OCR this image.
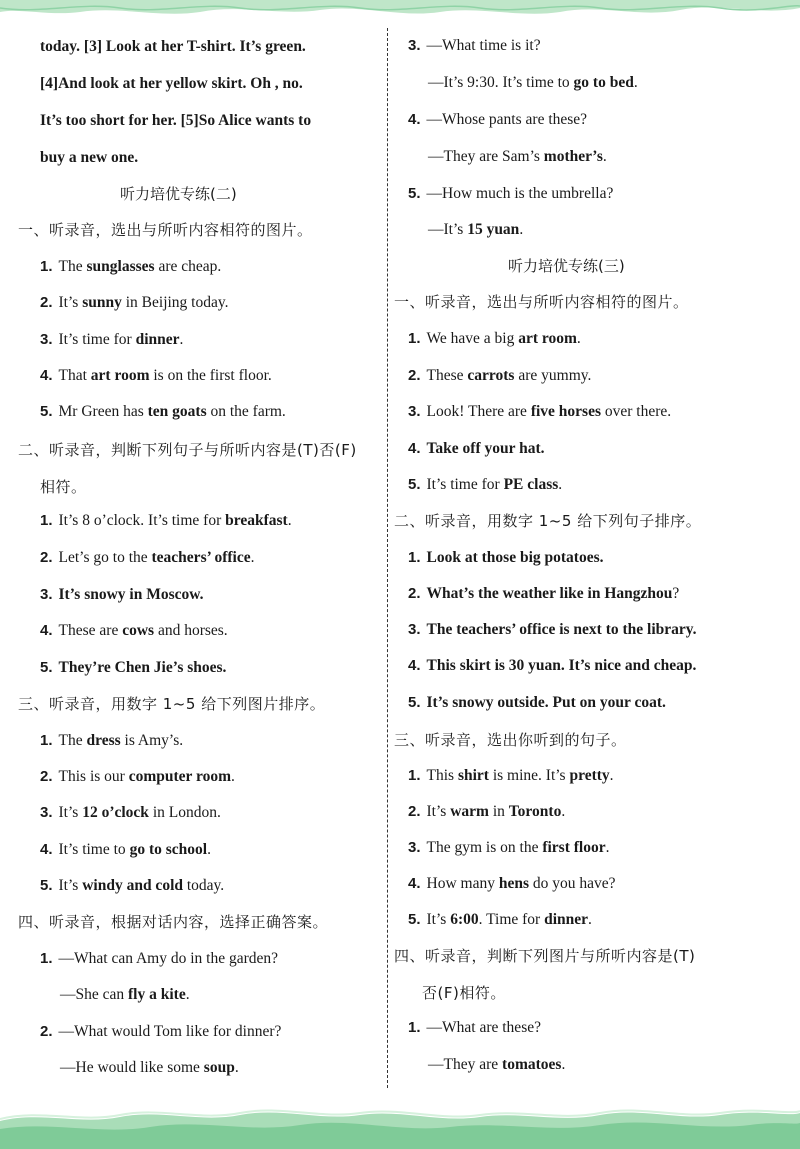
today. [3] Look at her T-shirt. It’s green.
[4]And look at her yellow skirt. Oh , no.
It’s too short for her. [5]So Alice wants to
buy a new one.
听力培优专练(二)
一、听录音，选出与所听内容相符的图片。
1. The sunglasses are cheap.
2. It’s sunny in Beijing today.
3. It’s time for dinner.
4. That art room is on the first floor.
5. Mr Green has ten goats on the farm.
二、听录音，判断下列句子与所听内容是(T)否(F)
相符。
1. It’s 8 o’clock. It’s time for breakfast.
2. Let’s go to the teachers’ office.
3. It’s snowy in Moscow.
4. These are cows and horses.
5. They’re Chen Jie’s shoes.
三、听录音，用数字 1~5 给下列图片排序。
1. The dress is Amy’s.
2. This is our computer room.
3. It’s 12 o’clock in London.
4. It’s time to go to school.
5. It’s windy and cold today.
四、听录音，根据对话内容，选择正确答案。
1. —What can Amy do in the garden?
—She can fly a kite.
2. —What would Tom like for dinner?
—He would like some soup.
3. —What time is it?
—It’s 9:30. It’s time to go to bed.
4. —Whose pants are these?
—They are Sam’s mother’s.
5. —How much is the umbrella?
—It’s 15 yuan.
听力培优专练(三)
一、听录音，选出与所听内容相符的图片。
1. We have a big art room.
2. These carrots are yummy.
3. Look! There are five horses over there.
4. Take off your hat.
5. It’s time for PE class.
二、听录音，用数字 1~5 给下列句子排序。
1. Look at those big potatoes.
2. What’s the weather like in Hangzhou?
3. The teachers’ office is next to the library.
4. This skirt is 30 yuan. It’s nice and cheap.
5. It’s snowy outside. Put on your coat.
三、听录音，选出你听到的句子。
1. This shirt is mine. It’s pretty.
2. It’s warm in Toronto.
3. The gym is on the first floor.
4. How many hens do you have?
5. It’s 6:00. Time for dinner.
四、听录音，判断下列图片与所听内容是(T)
否(F)相符。
1. —What are these?
—They are tomatoes.
